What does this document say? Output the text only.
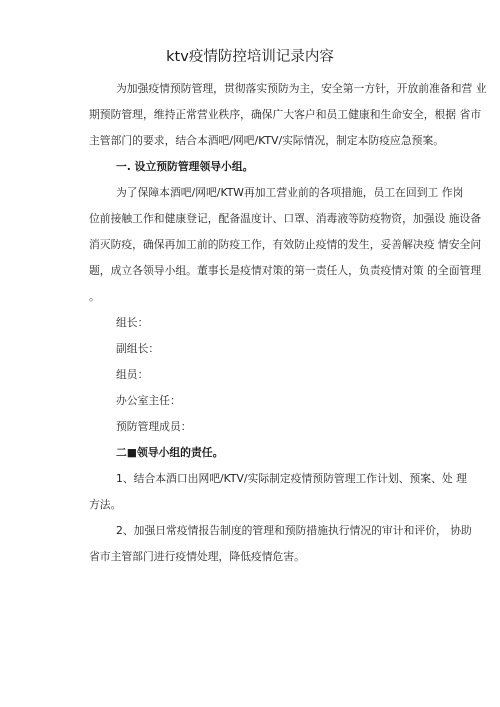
ktv疫情防控培训记录内容
为加强疫情预防管理，贯彻落实预防为主，安全第一方针，开放前准备和营 业
期预防管理，维持正常营业秩序，确保广大客户和员工健康和生命安全，根据 省市
主管部门的要求，结合本酒吧/网吧/KTV/实际情况，制定本防疫应急预案。
一. 设立预防管理领导小组。
为了保障本酒吧/网吧/KTW再加工营业前的各项措施，员工在回到工 作岗
位前接触工作和健康登记，配备温度计、口罩、消毒液等防疫物资，加强设 施设备
消灭防疫，确保再加工前的防疫工作，有效防止疫情的发生，妥善解决疫 情安全问
题，成立各领导小组。董事长是疫情对策的第一责任人，负责疫情对策 的全面管理
。
组长：
副组长：
组员：
办公室主任：
预防管理成员：
二■领导小组的责任。
1、结合本酒口出网吧/KTV/实际制定疫情预防管理工作计划、预案、处 理
方法。
2、加强日常疫情报告制度的管理和预防措施执行情况的审计和评价， 协助
省市主管部门进行疫情处理，降低疫情危害。
